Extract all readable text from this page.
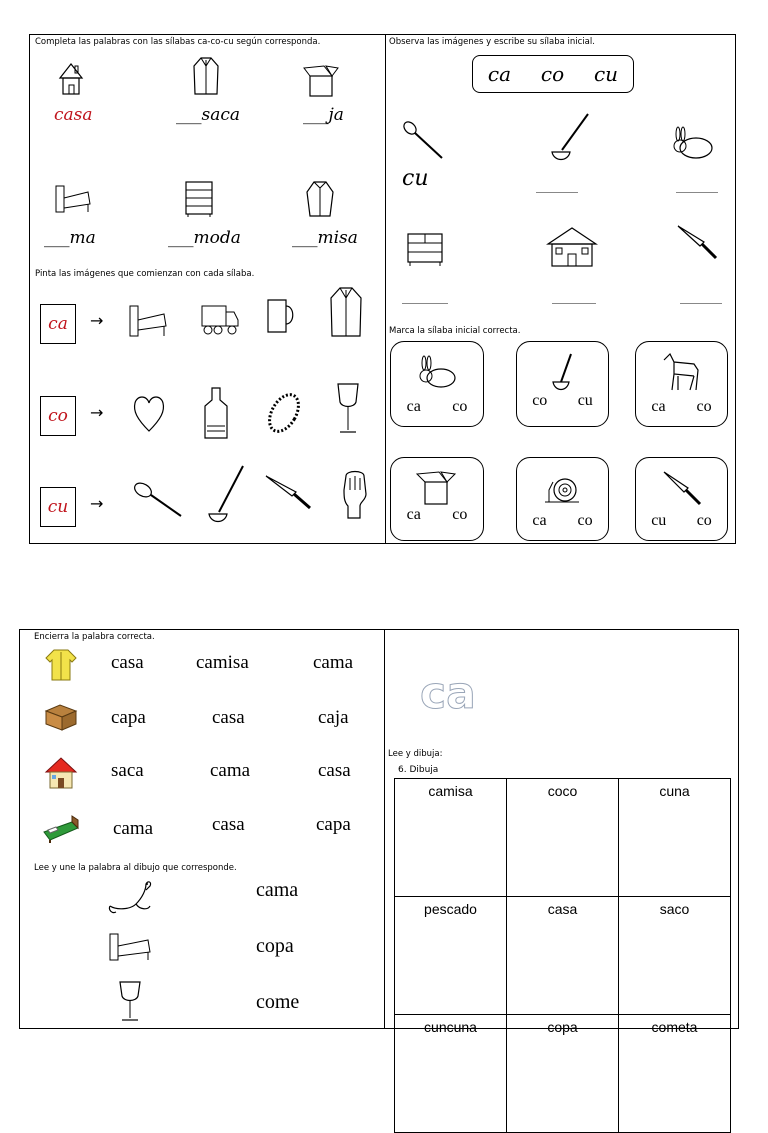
Completa las palabras con las sílabas ca-co-cu según corresponda.
casa	___saca	___ja
___ma	___moda	___misa
Pinta las imágenes que comienzan con cada sílaba.
ca →
co →
cu →
Observa las imágenes y escribe su sílaba inicial.
ca co cu
cu
Marca la sílaba inicial correcta.
ca co	co cu	ca co
ca co	ca co	cu co
Encierra la palabra correcta.
casa	camisa	cama
capa	casa	caja
saca	cama	casa
cama	casa	capa
Lee y une la palabra al dibujo que corresponde.
cama
copa
come
ca
Lee y dibuja:
6. Dibuja
camisa	coco	cuna
pescado	casa	saco
cuncuna	copa	cometa
